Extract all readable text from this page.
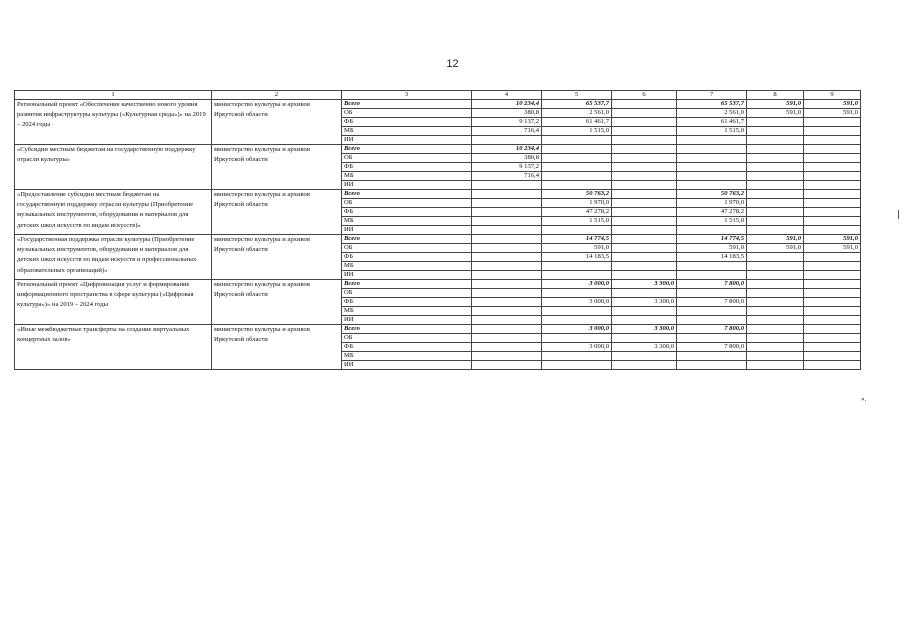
12
1	2	3	4	5	6	7	8	9
Региональный проект «Обеспечение качественно нового уровня развития инфраструктуры культуры («Культурная среда»)» на 2019 – 2024 годы	министерство культуры и архивов Иркутской области	Всего	10 234,4	65 537,7		65 537,7	591,0	591,0
		ОБ	380,8	2 561,0		2 561,0	591,0	591,0
		ФБ	9 137,2	61 461,7		61 461,7		
		МБ	716,4	1 515,0		1 515,0		
		ИИ						
«Субсидии местным бюджетам на государственную поддержку отрасли культуры»	министерство культуры и архивов Иркутской области	Всего	10 234,4					
		ОБ	380,8					
		ФБ	9 137,2					
		МБ	716,4					
		ИИ						
«Предоставление субсидии местным бюджетам на государственную поддержку отрасли культуры (Приобретение музыкальных инструментов, оборудования и материалов для детских школ искусств по видам искусств)»	министерство культуры и архивов Иркутской области	Всего		50 763,2		50 763,2		
		ОБ		1 970,0		1 970,0		
		ФБ		47 278,2		47 278,2		
		МБ		1 515,0		1 515,0		
		ИИ						
«Государственная поддержка отрасли культуры (Приобретение музыкальных инструментов, оборудования и материалов для детских школ искусств по видам искусств и профессиональных образовательных организаций)»	министерство культуры и архивов Иркутской области	Всего		14 774,5		14 774,5	591,0	591,0
		ОБ		591,0		591,0	591,0	591,0
		ФБ		14 183,5		14 183,5		
		МБ						
		ИИ						
Региональный проект «Цифровизация услуг и формирование информационного пространства в сфере культуры («Цифровая культура»)» на 2019 – 2024 годы	министерство культуры и архивов Иркутской области	Всего		3 000,0	3 300,0	7 800,0		
		ОБ						
		ФБ		3 000,0	3 300,0	7 800,0		
		МБ						
		ИИ						
«Иные межбюджетные трансферты на создание виртуальных концертных залов»	министерство культуры и архивов Иркутской области	Всего		3 000,0	3 300,0	7 800,0		
		ОБ						
		ФБ		3 000,0	3 300,0	7 800,0		
		МБ						
		ИИ						
».
